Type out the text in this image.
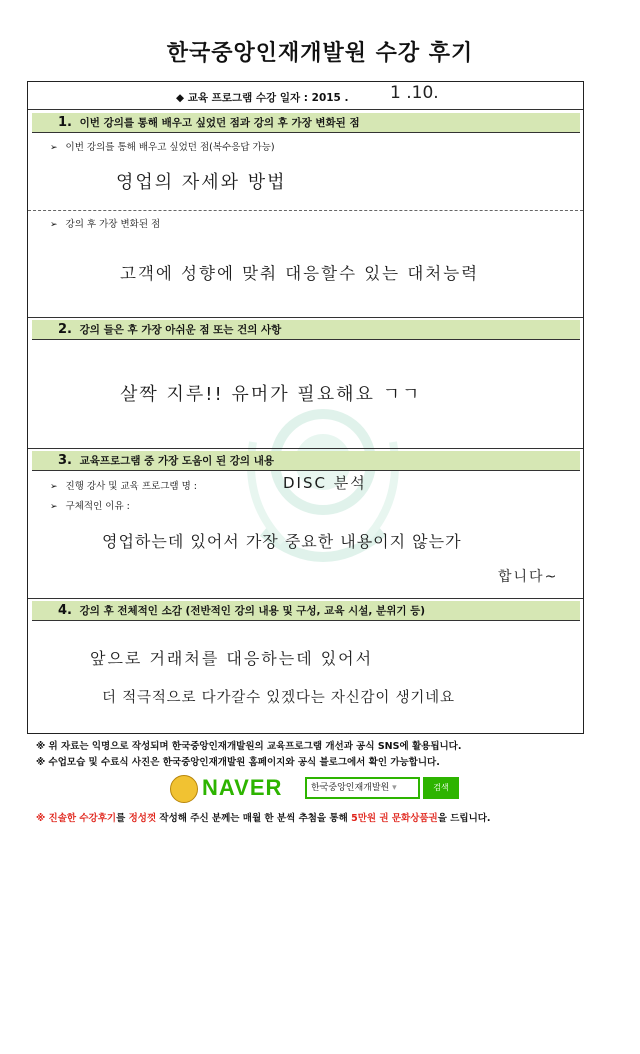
한국중앙인재개발원 수강 후기
◆ 교육 프로그램 수강 일자 : 2015 . 1 .10.
1. 이번 강의를 통해 배우고 싶었던 점과 강의 후 가장 변화된 점
➢ 이번 강의를 통해 배우고 싶었던 점(복수응답 가능)
영업의 자세와 방법
➢ 강의 후 가장 변화된 점
고객에 성향에 맞춰 대응할수 있는 대처능력
2. 강의 들은 후 가장 아쉬운 점 또는 건의 사항
살짝 지루!! 유머가 필요해요 ㄱㄱ
3. 교육프로그램 중 가장 도움이 된 강의 내용
➢ 진행 강사 및 교육 프로그램 명 :	DISC 분석
➢ 구체적인 이유 :
영업하는데 있어서 가장 중요한 내용이지 않는가
합니다~
4. 강의 후 전체적인 소감 (전반적인 강의 내용 및 구성, 교육 시설, 분위기 등)
앞으로 거래처를 대응하는데 있어서
더 적극적으로 다가갈수 있겠다는 자신감이 생기네요
※ 위 자료는 익명으로 작성되며 한국중앙인재개발원의 교육프로그램 개선과 공식 SNS에 활용됩니다.
※ 수업모습 및 수료식 사진은 한국중앙인재개발원 홈페이지와 공식 블로그에서 확인 가능합니다.
NAVER	한국중앙인재개발원 ▾	검색
※ 진솔한 수강후기를 정성껏 작성해 주신 분께는 매월 한 분씩 추첨을 통해 5만원 권 문화상품권을 드립니다.
